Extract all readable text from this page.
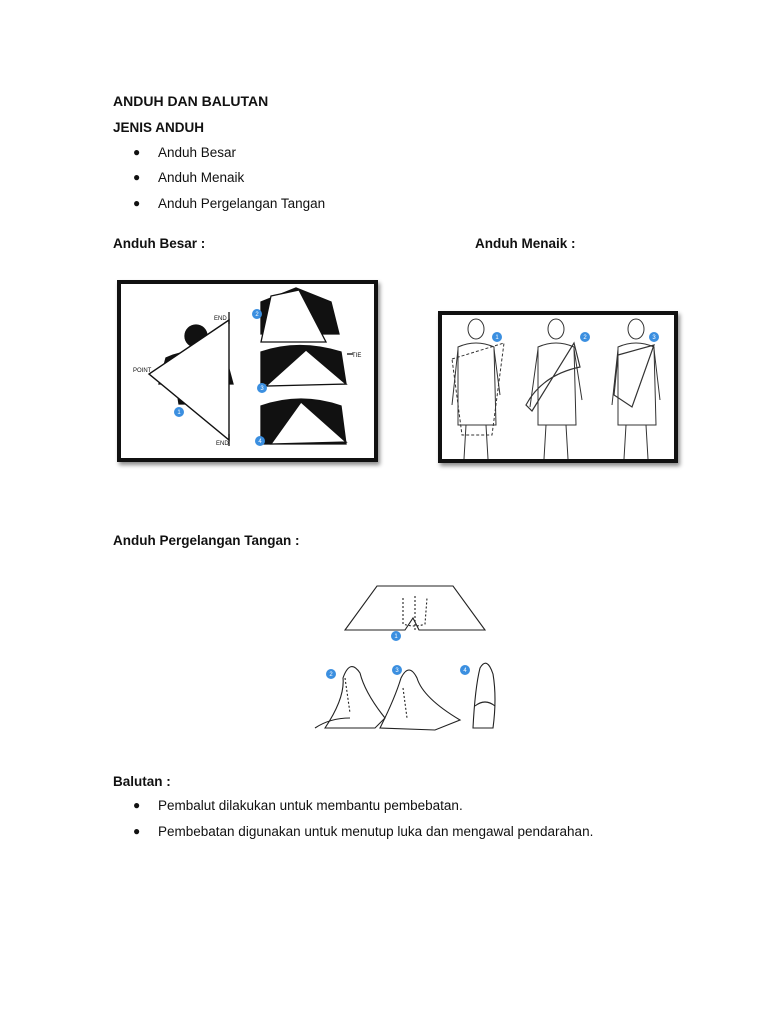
ANDUH DAN BALUTAN
JENIS ANDUH
● Anduh Besar
● Anduh Menaik
● Anduh Pergelangan Tangan
Anduh Besar :	Anduh Menaik :
END
POINT
END
TIE
1
2
3
4
1	2	3
Anduh Pergelangan Tangan :
1
2
3	4
Balutan :
● Pembalut dilakukan untuk membantu pembebatan.
● Pembebatan digunakan untuk menutup luka dan mengawal pendarahan.
